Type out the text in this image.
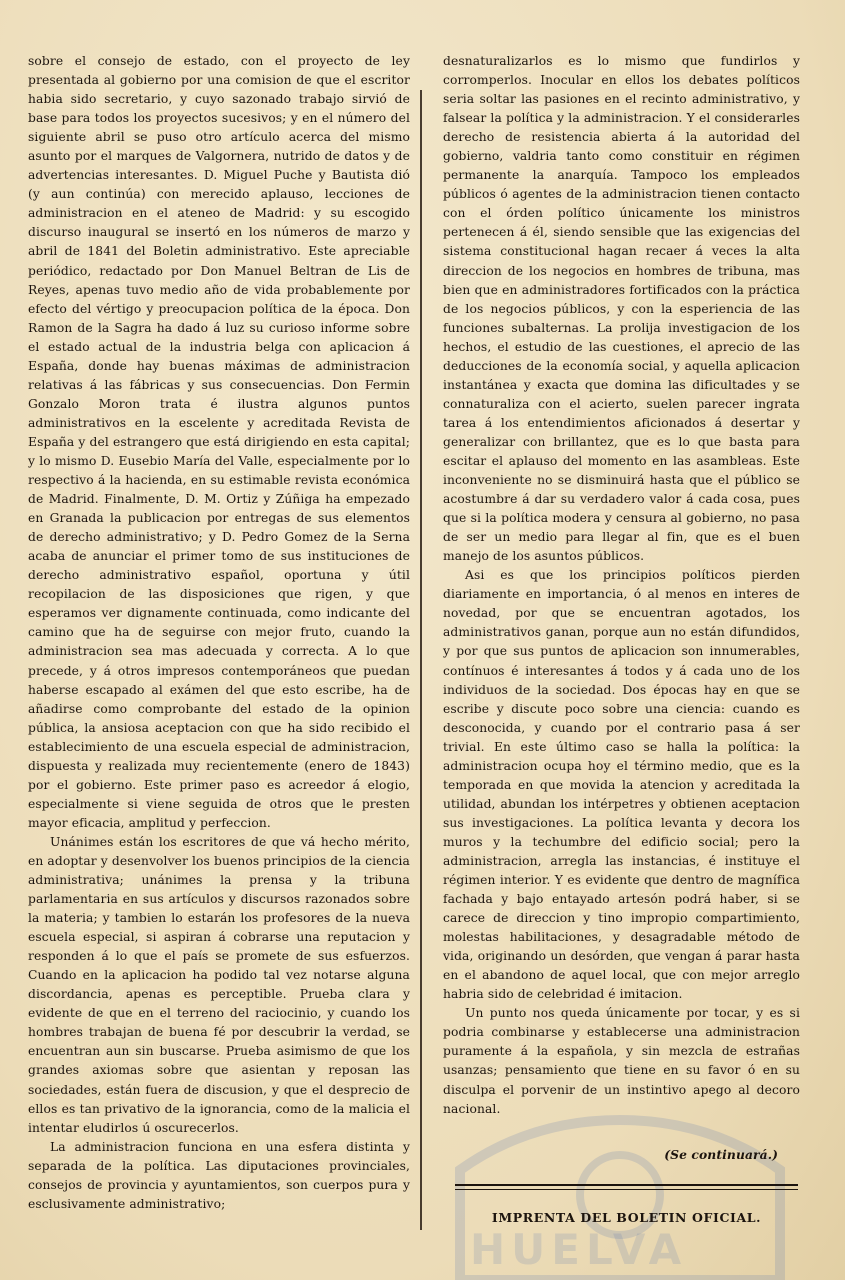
HUELVA

sobre el consejo de estado, con el proyecto de ley presentada al gobierno por una comision de que el escritor habia sido secretario, y cuyo sazonado trabajo sirvió de base para todos los proyectos sucesivos; y en el número del siguiente abril se puso otro artículo acerca del mismo asunto por el marques de Valgornera, nutrido de datos y de advertencias interesantes. D. Miguel Puche y Bautista dió (y aun continúa) con merecido aplauso, lecciones de administracion en el ateneo de Madrid: y su escogido discurso inaugural se insertó en los números de marzo y abril de 1841 del Boletin administrativo. Este apreciable periódico, redactado por Don Manuel Beltran de Lis de Reyes, apenas tuvo medio año de vida probablemente por efecto del vértigo y preocupacion política de la época. Don Ramon de la Sagra ha dado á luz su curioso informe sobre el estado actual de la industria belga con aplicacion á España, donde hay buenas máximas de administracion relativas á las fábricas y sus consecuencias. Don Fermin Gonzalo Moron trata é ilustra algunos puntos administrativos en la escelente y acreditada Revista de España y del estrangero que está dirigiendo en esta capital; y lo mismo D. Eusebio María del Valle, especialmente por lo respectivo á la hacienda, en su estimable revista económica de Madrid. Finalmente, D. M. Ortiz y Zúñiga ha empezado en Granada la publicacion por entregas de sus elementos de derecho administrativo; y D. Pedro Gomez de la Serna acaba de anunciar el primer tomo de sus instituciones de derecho administrativo español, oportuna y útil recopilacion de las disposiciones que rigen, y que esperamos ver dignamente continuada, como indicante del camino que ha de seguirse con mejor fruto, cuando la administracion sea mas adecuada y correcta. A lo que precede, y á otros impresos contemporáneos que puedan haberse escapado al exámen del que esto escribe, ha de añadirse como comprobante del estado de la opinion pública, la ansiosa aceptacion con que ha sido recibido el establecimiento de una escuela especial de administracion, dispuesta y realizada muy recientemente (enero de 1843) por el gobierno. Este primer paso es acreedor á elogio, especialmente si viene seguida de otros que le presten mayor eficacia, amplitud y perfeccion.

Unánimes están los escritores de que vá hecho mérito, en adoptar y desenvolver los buenos principios de la ciencia administrativa; unánimes la prensa y la tribuna parlamentaria en sus artículos y discursos razonados sobre la materia; y tambien lo estarán los profesores de la nueva escuela especial, si aspiran á cobrarse una reputacion y responden á lo que el país se promete de sus esfuerzos. Cuando en la aplicacion ha podido tal vez notarse alguna discordancia, apenas es perceptible. Prueba clara y evidente de que en el terreno del raciocinio, y cuando los hombres trabajan de buena fé por descubrir la verdad, se encuentran aun sin buscarse. Prueba asimismo de que los grandes axiomas sobre que asientan y reposan las sociedades, están fuera de discusion, y que el desprecio de ellos es tan privativo de la ignorancia, como de la malicia el intentar eludirlos ú oscurecerlos.

La administracion funciona en una esfera distinta y separada de la política. Las diputaciones provinciales, consejos de provincia y ayuntamientos, son cuerpos pura y esclusivamente administrativo;

desnaturalizarlos es lo mismo que fundirlos y corromperlos. Inocular en ellos los debates políticos seria soltar las pasiones en el recinto administrativo, y falsear la política y la administracion. Y el considerarles derecho de resistencia abierta á la autoridad del gobierno, valdria tanto como constituir en régimen permanente la anarquía. Tampoco los empleados públicos ó agentes de la administracion tienen contacto con el órden político únicamente los ministros pertenecen á él, siendo sensible que las exigencias del sistema constitucional hagan recaer á veces la alta direccion de los negocios en hombres de tribuna, mas bien que en administradores fortificados con la práctica de los negocios públicos, y con la esperiencia de las funciones subalternas. La prolija investigacion de los hechos, el estudio de las cuestiones, el aprecio de las deducciones de la economía social, y aquella aplicacion instantánea y exacta que domina las dificultades y se connaturaliza con el acierto, suelen parecer ingrata tarea á los entendimientos aficionados á desertar y generalizar con brillantez, que es lo que basta para escitar el aplauso del momento en las asambleas. Este inconveniente no se disminuirá hasta que el público se acostumbre á dar su verdadero valor á cada cosa, pues que si la política modera y censura al gobierno, no pasa de ser un medio para llegar al fin, que es el buen manejo de los asuntos públicos.

Asi es que los principios políticos pierden diariamente en importancia, ó al menos en interes de novedad, por que se encuentran agotados, los administrativos ganan, porque aun no están difundidos, y por que sus puntos de aplicacion son innumerables, contínuos é interesantes á todos y á cada uno de los individuos de la sociedad. Dos épocas hay en que se escribe y discute poco sobre una ciencia: cuando es desconocida, y cuando por el contrario pasa á ser trivial. En este último caso se halla la política: la administracion ocupa hoy el término medio, que es la temporada en que movida la atencion y acreditada la utilidad, abundan los intérpetres y obtienen aceptacion sus investigaciones. La política levanta y decora los muros y la techumbre del edificio social; pero la administracion, arregla las instancias, é instituye el régimen interior. Y es evidente que dentro de magnífica fachada y bajo entayado artesón podrá haber, si se carece de direccion y tino impropio compartimiento, molestas habilitaciones, y desagradable método de vida, originando un desórden, que vengan á parar hasta en el abandono de aquel local, que con mejor arreglo habria sido de celebridad é imitacion.

Un punto nos queda únicamente por tocar, y es si podria combinarse y establecerse una administracion puramente á la española, y sin mezcla de estrañas usanzas; pensamiento que tiene en su favor ó en su disculpa el porvenir de un instintivo apego al decoro nacional.

(Se continuará.)

IMPRENTA DEL BOLETIN OFICIAL.
